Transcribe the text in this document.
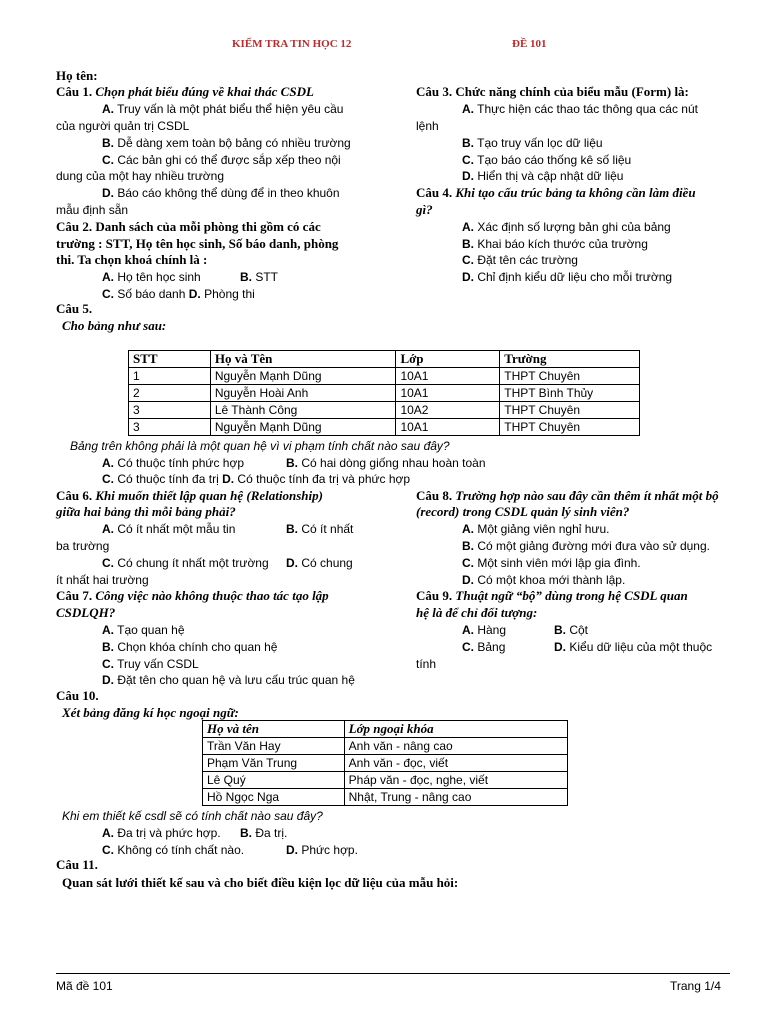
KIỂM TRA TIN HỌC 12	ĐỀ 101
Họ tên:
Câu 1. Chọn phát biểu đúng về khai thác CSDL
A. Truy vấn là một phát biểu thể hiện yêu cầu
của người quản trị CSDL
B. Dễ dàng xem toàn bộ bảng có nhiều trường
C. Các bản ghi có thể được sắp xếp theo nội
dung của một hay nhiều trường
D. Báo cáo không thể dùng để in theo khuôn
mẫu định sẵn
Câu 2. Danh sách của mỗi phòng thi gồm có các
trường : STT, Họ tên học sinh, Số báo danh, phòng
thi. Ta chọn khoá chính là :
A. Họ tên học sinh	B. STT
C. Số báo danh D. Phòng thi
Câu 3. Chức năng chính của biểu mẫu (Form) là:
A. Thực hiện các thao tác thông qua các nút
lệnh
B. Tạo truy vấn lọc dữ liệu
C. Tạo báo cáo thống kê số liệu
D. Hiển thị và cập nhật dữ liệu
Câu 4. Khi tạo cấu trúc bảng ta không cần làm điều
gì?
A. Xác định số lượng bản ghi của bảng
B. Khai báo kích thước của trường
C. Đặt tên các trường
D. Chỉ định kiểu dữ liệu cho mỗi trường
Câu 5.
Cho bảng như sau:
STT	Họ và Tên	Lớp	Trường
1	Nguyễn Mạnh Dũng	10A1	THPT Chuyên
2	Nguyễn Hoài Anh	10A1	THPT Bình Thủy
3	Lê Thành Công	10A2	THPT Chuyên
3	Nguyễn Mạnh Dũng	10A1	THPT Chuyên
Bảng trên không phải là một quan hệ vì vi phạm tính chất nào sau đây?
A. Có thuộc tính phức hợp	B. Có hai dòng giống nhau hoàn toàn
C. Có thuộc tính đa trị D. Có thuộc tính đa trị và phức hợp
Câu 6. Khi muốn thiết lập quan hệ (Relationship)
giữa hai bảng thì mỗi bảng phải?
A. Có ít nhất một mẫu tin	B. Có ít nhất
ba trường
C. Có chung ít nhất một trường D. Có chung
ít nhất hai trường
Câu 7. Công việc nào không thuộc thao tác tạo lập
CSDLQH?
A. Tạo quan hệ
B. Chọn khóa chính cho quan hệ
C. Truy vấn CSDL
D. Đặt tên cho quan hệ và lưu cấu trúc quan hệ
Câu 8. Trường hợp nào sau đây cần thêm ít nhất một bộ
(record) trong CSDL quản lý sinh viên?
A. Một giảng viên nghỉ hưu.
B. Có một giảng đường mới đưa vào sử dụng.
C. Một sinh viên mới lập gia đình.
D. Có một khoa mới thành lập.
Câu 9. Thuật ngữ “bộ” dùng trong hệ CSDL quan
hệ là để chỉ đối tượng:
A. Hàng	B. Cột
C. Bảng	D. Kiểu dữ liệu của một thuộc
tính
Câu 10.
Xét bảng đăng kí học ngoại ngữ:
Họ và tên	Lớp ngoại khóa
Trần Văn Hay	Anh văn - nâng cao
Phạm Văn Trung	Anh văn - đọc, viết
Lê Quý	Pháp văn - đọc, nghe, viết
Hồ Ngọc Nga	Nhật, Trung - nâng cao
Khi em thiết kế csdl sẽ có tính chất nào sau đây?
A. Đa trị và phức hợp. B. Đa trị.
C. Không có tính chất nào.	D. Phức hợp.
Câu 11.
Quan sát lưới thiết kế sau và cho biết điều kiện lọc dữ liệu của mẫu hỏi:
Mã đề 101	Trang 1/4
